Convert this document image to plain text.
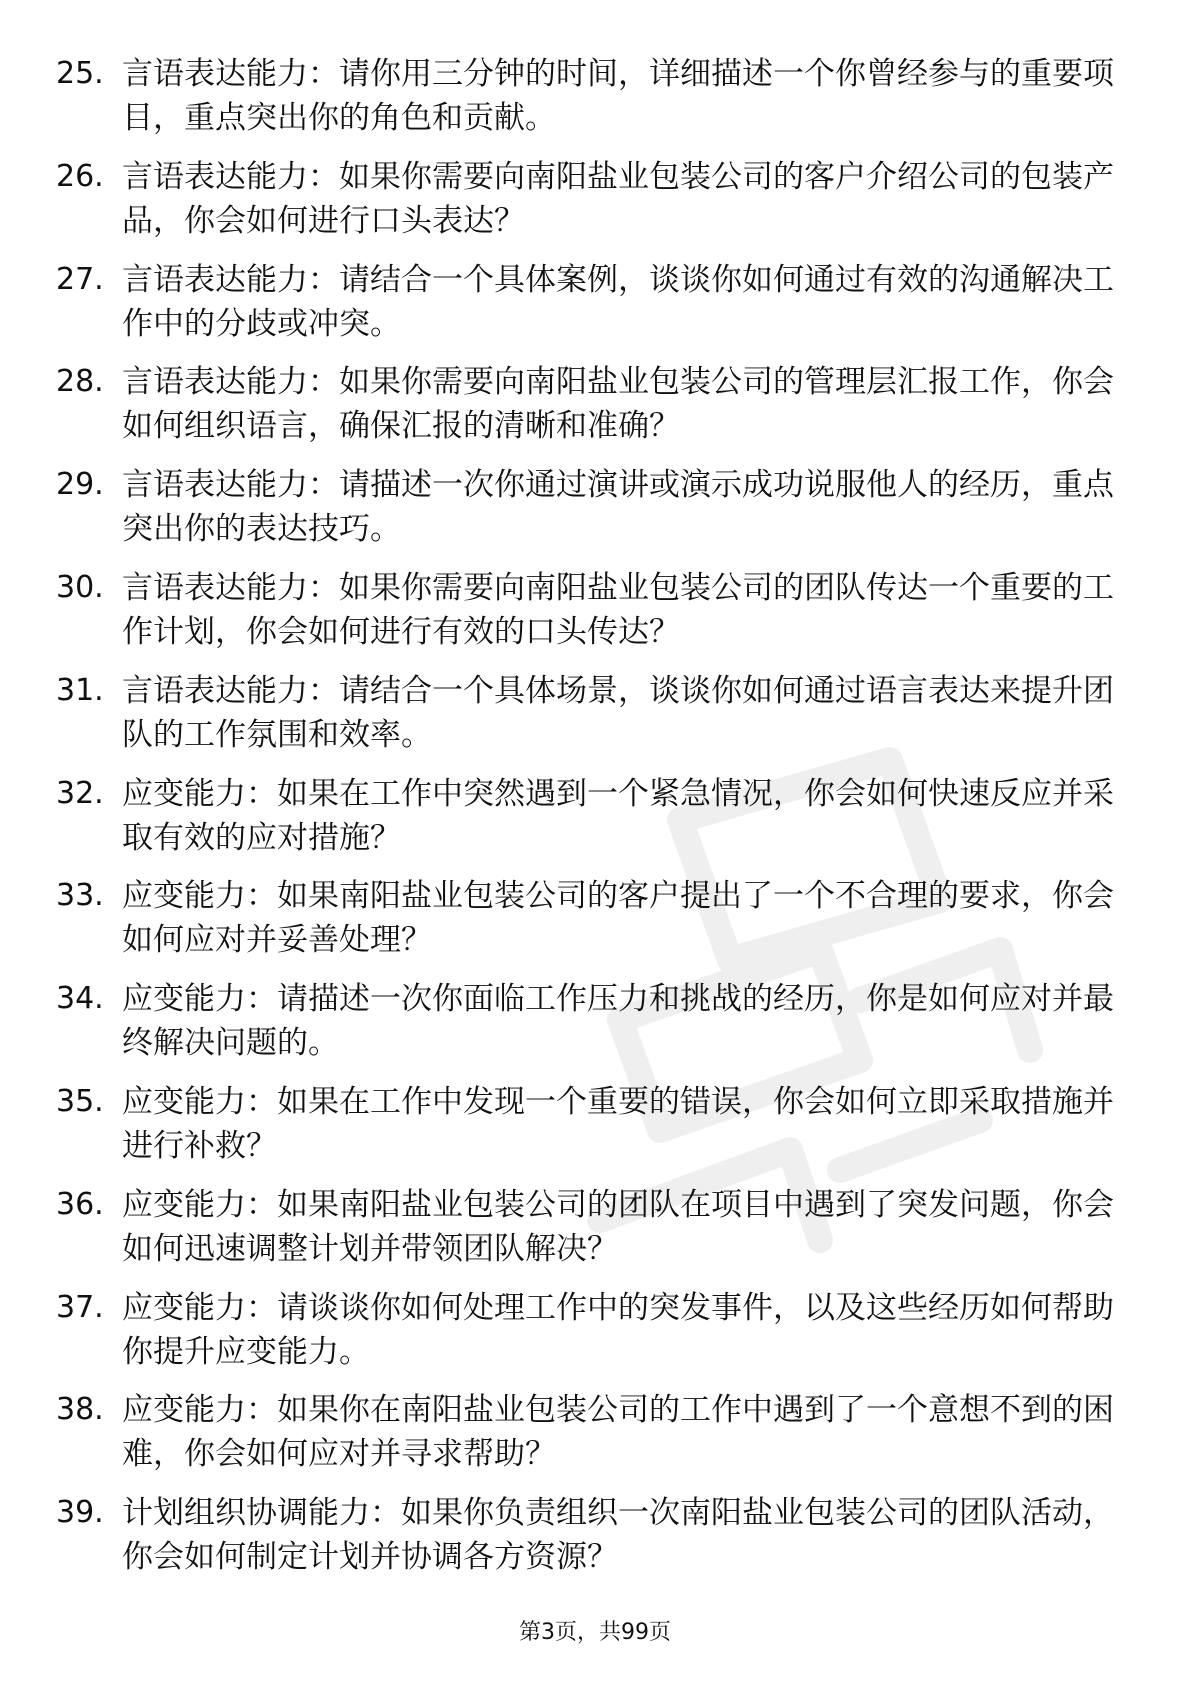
25. 言语表达能力：请你用三分钟的时间，详细描述一个你曾经参与的重要项目，重点突出你的角色和贡献。
26. 言语表达能力：如果你需要向南阳盐业包装公司的客户介绍公司的包装产品，你会如何进行口头表达？
27. 言语表达能力：请结合一个具体案例，谈谈你如何通过有效的沟通解决工作中的分歧或冲突。
28. 言语表达能力：如果你需要向南阳盐业包装公司的管理层汇报工作，你会如何组织语言，确保汇报的清晰和准确？
29. 言语表达能力：请描述一次你通过演讲或演示成功说服他人的经历，重点突出你的表达技巧。
30. 言语表达能力：如果你需要向南阳盐业包装公司的团队传达一个重要的工作计划，你会如何进行有效的口头传达？
31. 言语表达能力：请结合一个具体场景，谈谈你如何通过语言表达来提升团队的工作氛围和效率。
32. 应变能力：如果在工作中突然遇到一个紧急情况，你会如何快速反应并采取有效的应对措施？
33. 应变能力：如果南阳盐业包装公司的客户提出了一个不合理的要求，你会如何应对并妥善处理？
34. 应变能力：请描述一次你面临工作压力和挑战的经历，你是如何应对并最终解决问题的。
35. 应变能力：如果在工作中发现一个重要的错误，你会如何立即采取措施并进行补救？
36. 应变能力：如果南阳盐业包装公司的团队在项目中遇到了突发问题，你会如何迅速调整计划并带领团队解决？
37. 应变能力：请谈谈你如何处理工作中的突发事件，以及这些经历如何帮助你提升应变能力。
38. 应变能力：如果你在南阳盐业包装公司的工作中遇到了一个意想不到的困难，你会如何应对并寻求帮助？
39. 计划组织协调能力：如果你负责组织一次南阳盐业包装公司的团队活动，你会如何制定计划并协调各方资源？
第3页，共99页
